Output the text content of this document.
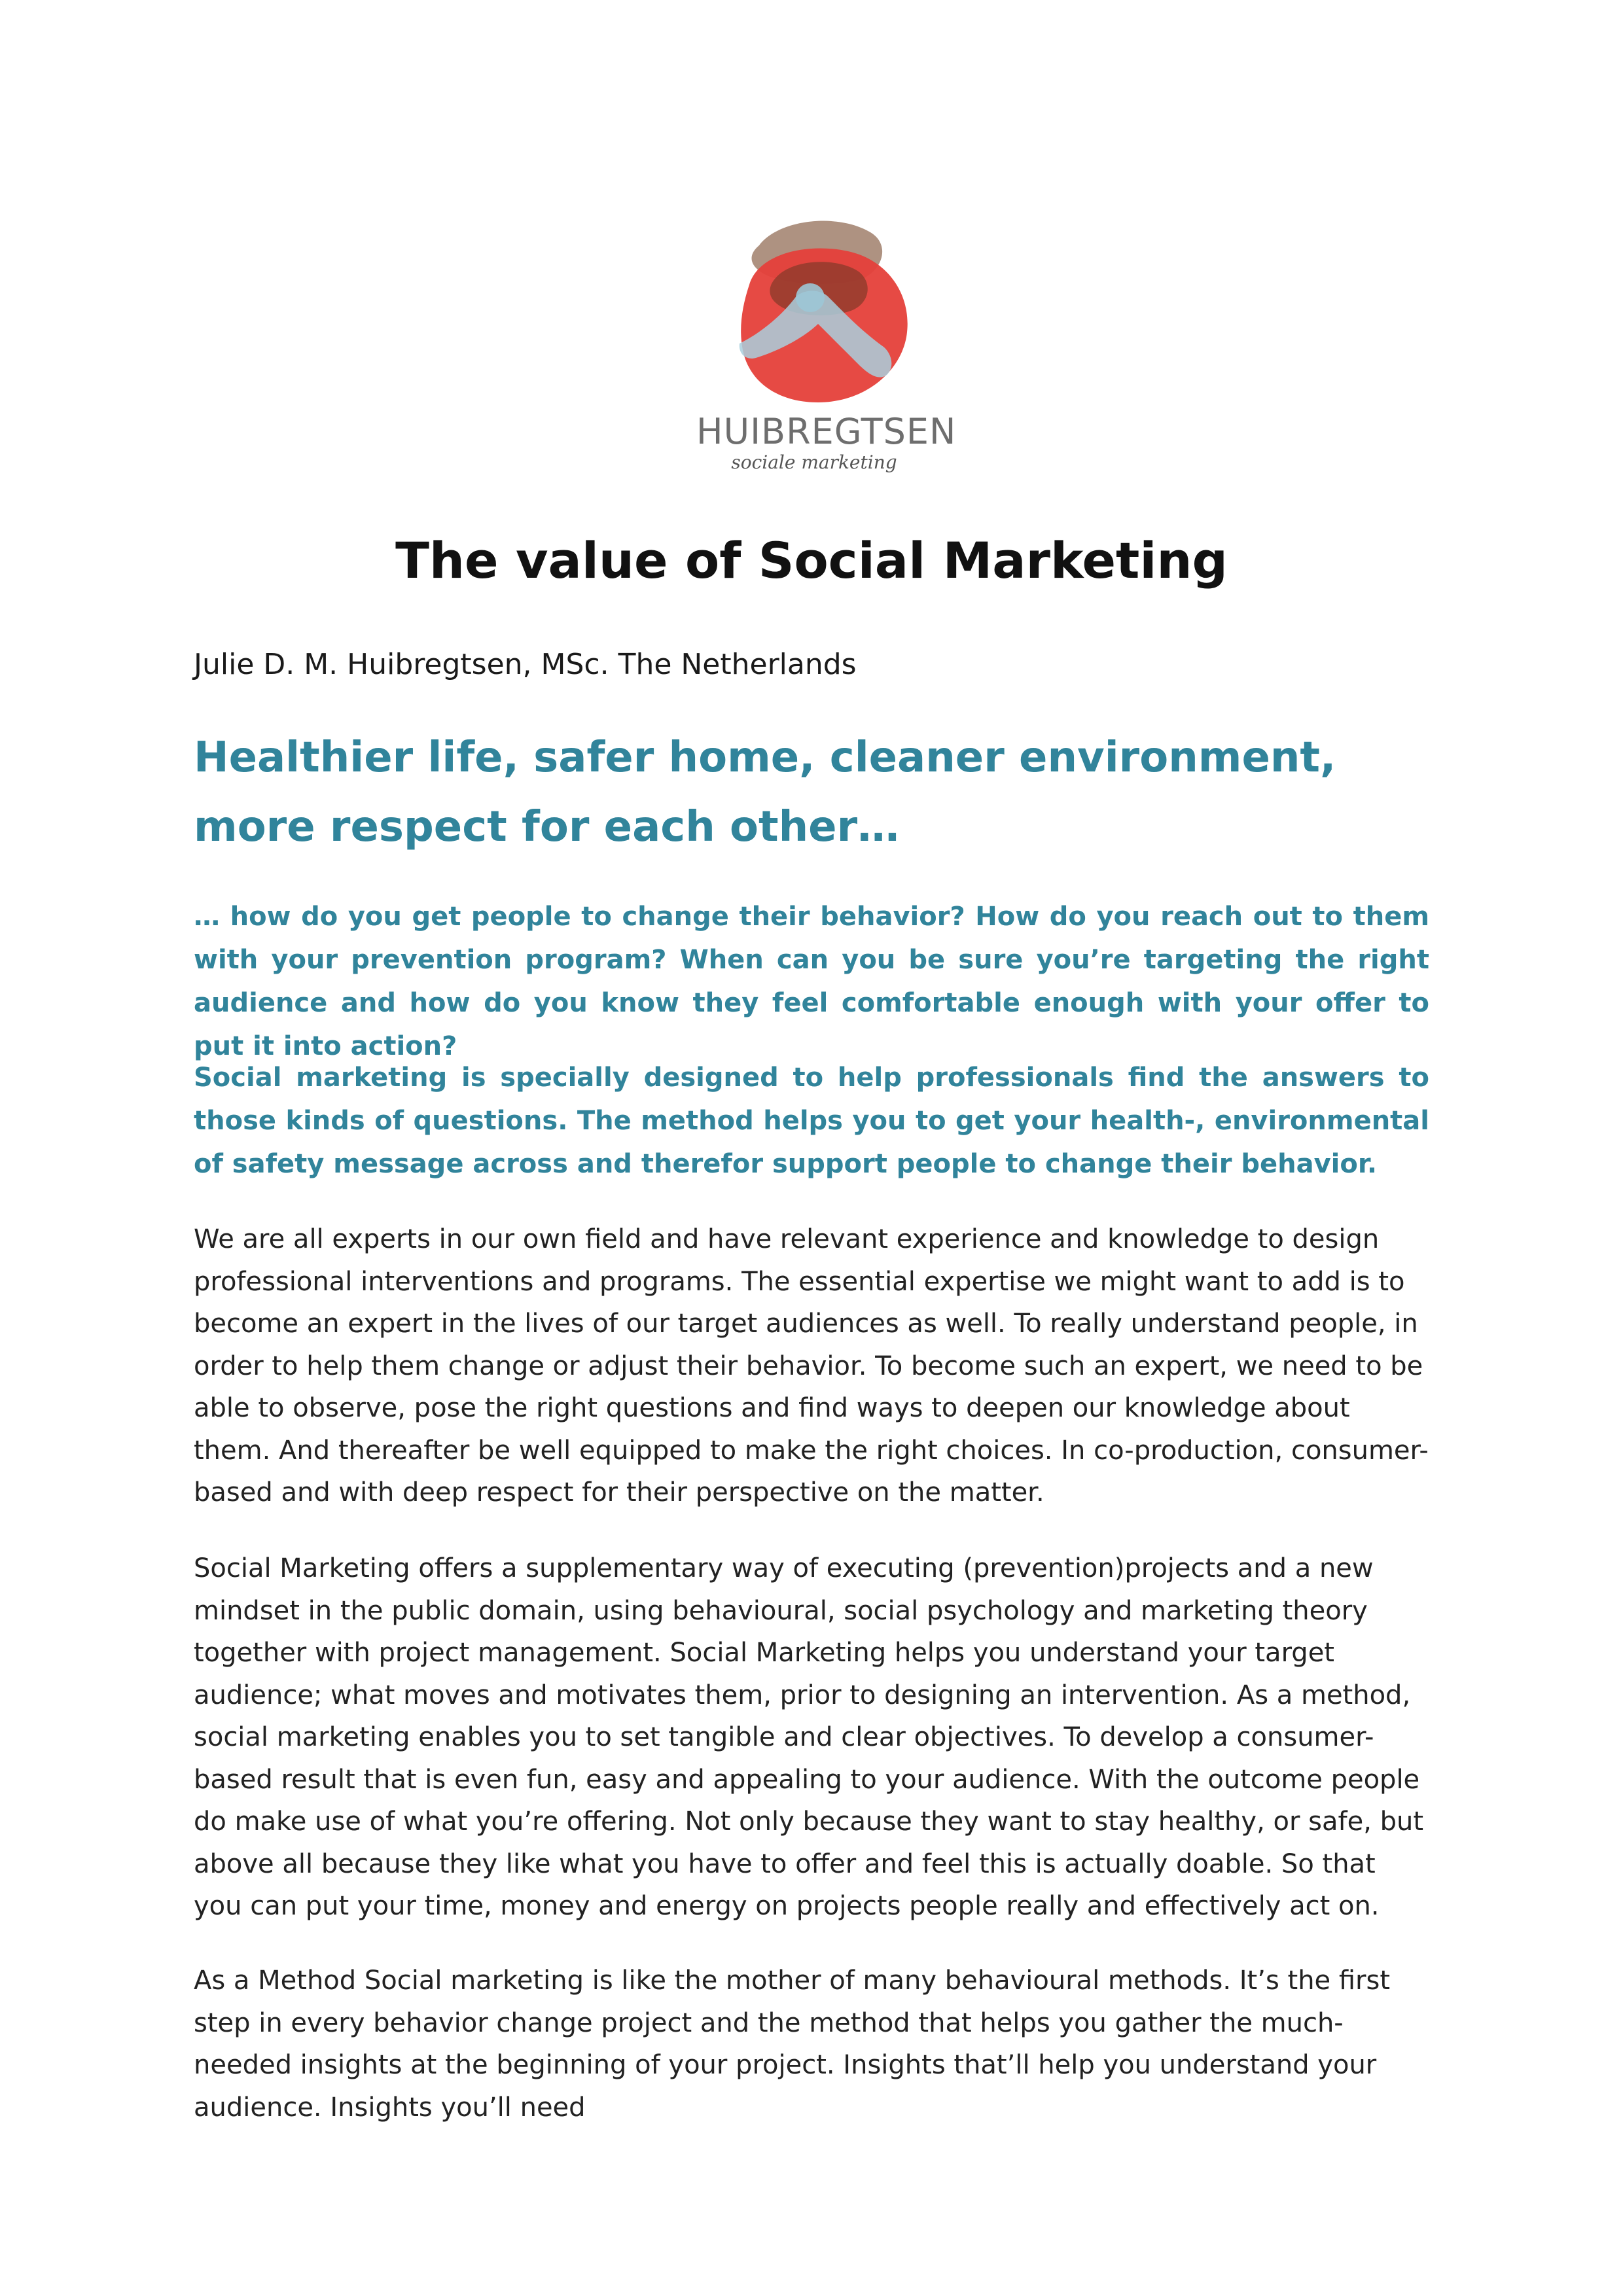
HUIBREGTSEN
sociale marketing
The value of Social Marketing

Julie D. M. Huibregtsen, MSc. The Netherlands

Healthier life, safer home, cleaner environment, more respect for each other…

… how do you get people to change their behavior? How do you reach out to them with your prevention program? When can you be sure you’re targeting the right audience and how do you know they feel comfortable enough with your offer to put it into action?

Social marketing is specially designed to help professionals find the answers to those kinds of questions. The method helps you to get your health-, environmental of safety message across and therefor support people to change their behavior.

We are all experts in our own field and have relevant experience and knowledge to design professional interventions and programs. The essential expertise we might want to add is to become an expert in the lives of our target audiences as well. To really understand people, in order to help them change or adjust their behavior. To become such an expert, we need to be able to observe, pose the right questions and find ways to deepen our knowledge about them. And thereafter be well equipped to make the right choices. In co-production, consumer-based and with deep respect for their perspective on the matter.

Social Marketing offers a supplementary way of executing (prevention)projects and a new mindset in the public domain, using behavioural, social psychology and marketing theory together with project management. Social Marketing helps you understand your target audience; what moves and motivates them, prior to designing an intervention. As a method, social marketing enables you to set tangible and clear objectives. To develop a consumer-based result that is even fun, easy and appealing to your audience. With the outcome people do make use of what you’re offering. Not only because they want to stay healthy, or safe, but above all because they like what you have to offer and feel this is actually doable. So that you can put your time, money and energy on projects people really and effectively act on.

As a Method Social marketing is like the mother of many behavioural methods. It’s the first step in every behavior change project and the method that helps you gather the much-needed insights at the beginning of your project. Insights that’ll help you understand your audience. Insights you’ll need
